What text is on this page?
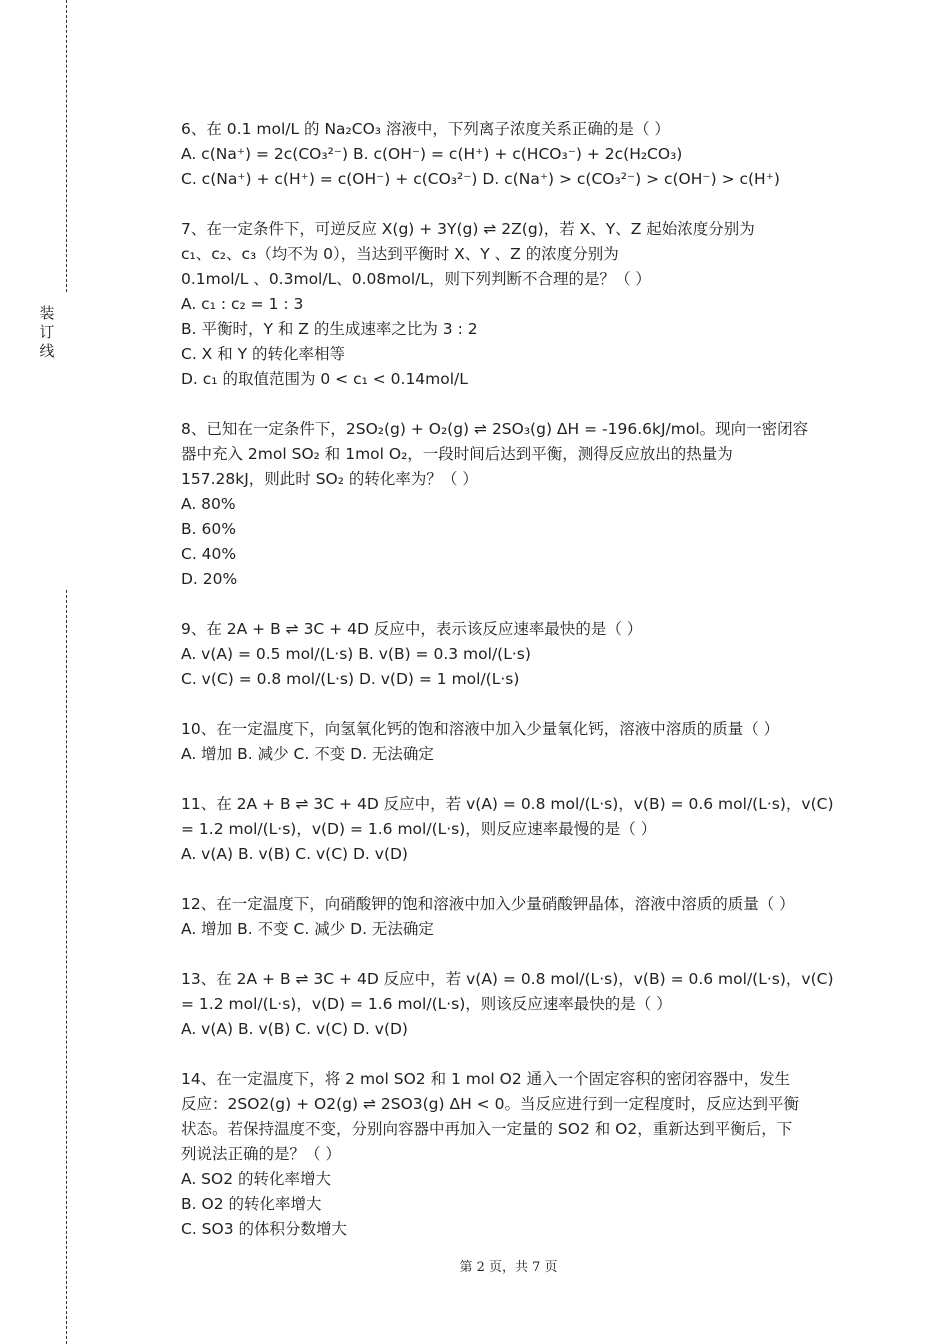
装
订
线
6、在 0.1 mol/L 的 Na₂CO₃ 溶液中，下列离子浓度关系正确的是（ ）
A. c(Na⁺) = 2c(CO₃²⁻) B. c(OH⁻) = c(H⁺) + c(HCO₃⁻) + 2c(H₂CO₃)
C. c(Na⁺) + c(H⁺) = c(OH⁻) + c(CO₃²⁻) D. c(Na⁺) > c(CO₃²⁻) > c(OH⁻) > c(H⁺)
7、在一定条件下，可逆反应 X(g) + 3Y(g) ⇌ 2Z(g)，若 X、Y、Z 起始浓度分别为
c₁、c₂、c₃（均不为 0），当达到平衡时 X、Y 、Z 的浓度分别为
0.1mol/L 、0.3mol/L、0.08mol/L，则下列判断不合理的是？（ ）
A. c₁ : c₂ = 1 : 3
B. 平衡时，Y 和 Z 的生成速率之比为 3 : 2
C. X 和 Y 的转化率相等
D. c₁ 的取值范围为 0 < c₁ < 0.14mol/L
8、已知在一定条件下，2SO₂(g) + O₂(g) ⇌ 2SO₃(g) ΔH = -196.6kJ/mol。现向一密闭容
器中充入 2mol SO₂ 和 1mol O₂，一段时间后达到平衡，测得反应放出的热量为
157.28kJ，则此时 SO₂ 的转化率为？（ ）
A. 80%
B. 60%
C. 40%
D. 20%
9、在 2A + B ⇌ 3C + 4D 反应中，表示该反应速率最快的是（ ）
A. v(A) = 0.5 mol/(L·s) B. v(B) = 0.3 mol/(L·s)
C. v(C) = 0.8 mol/(L·s) D. v(D) = 1 mol/(L·s)
10、在一定温度下，向氢氧化钙的饱和溶液中加入少量氧化钙，溶液中溶质的质量（ ）
A. 增加 B. 减少 C. 不变 D. 无法确定
11、在 2A + B ⇌ 3C + 4D 反应中，若 v(A) = 0.8 mol/(L·s)，v(B) = 0.6 mol/(L·s)，v(C)
= 1.2 mol/(L·s)，v(D) = 1.6 mol/(L·s)，则反应速率最慢的是（ ）
A. v(A) B. v(B) C. v(C) D. v(D)
12、在一定温度下，向硝酸钾的饱和溶液中加入少量硝酸钾晶体，溶液中溶质的质量（ ）
A. 增加 B. 不变 C. 减少 D. 无法确定
13、在 2A + B ⇌ 3C + 4D 反应中，若 v(A) = 0.8 mol/(L·s)，v(B) = 0.6 mol/(L·s)，v(C)
= 1.2 mol/(L·s)，v(D) = 1.6 mol/(L·s)，则该反应速率最快的是（ ）
A. v(A) B. v(B) C. v(C) D. v(D)
14、在一定温度下，将 2 mol SO2 和 1 mol O2 通入一个固定容积的密闭容器中，发生
反应：2SO2(g) + O2(g) ⇌ 2SO3(g) ΔH < 0。当反应进行到一定程度时，反应达到平衡
状态。若保持温度不变，分别向容器中再加入一定量的 SO2 和 O2，重新达到平衡后，下
列说法正确的是？（ ）
A. SO2 的转化率增大
B. O2 的转化率增大
C. SO3 的体积分数增大
第 2 页，共 7 页
